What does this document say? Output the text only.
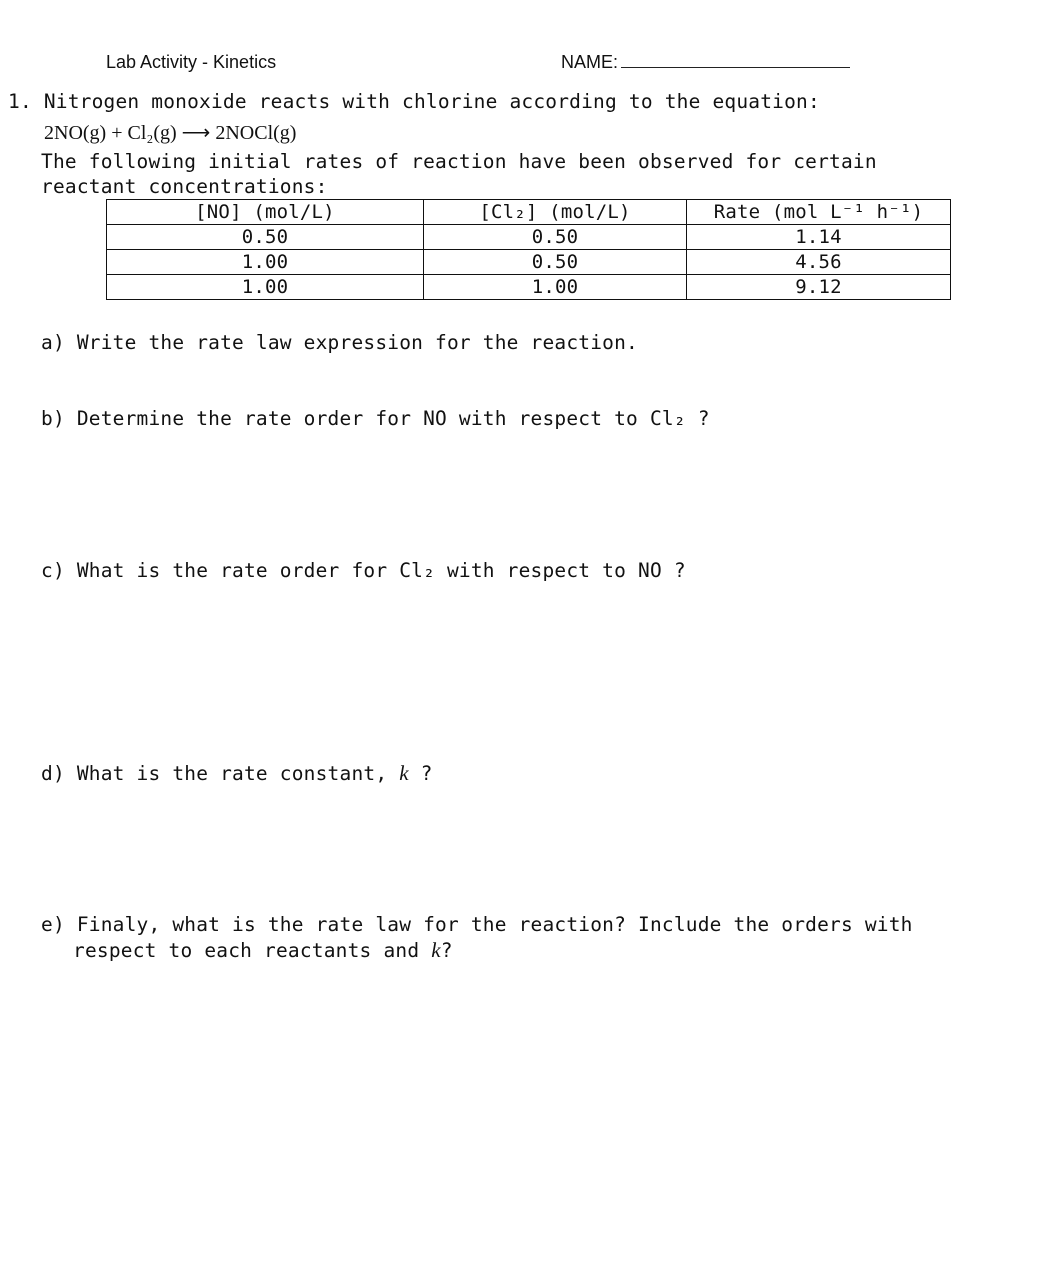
Lab Activity - Kinetics	NAME:
1. Nitrogen monoxide reacts with chlorine according to the equation:
2NO(g) + Cl₂(g) ⟶ 2NOCl(g)
The following initial rates of reaction have been observed for certain
reactant concentrations:
[NO] (mol/L)	[Cl₂] (mol/L)	Rate (mol L⁻¹ h⁻¹)
0.50	0.50	1.14
1.00	0.50	4.56
1.00	1.00	9.12
a) Write the rate law expression for the reaction.
b) Determine the rate order for NO with respect to Cl₂ ?
c) What is the rate order for Cl₂ with respect to NO ?
d) What is the rate constant, k ?
e) Finaly, what is the rate law for the reaction? Include the orders with
respect to each reactants and k?
